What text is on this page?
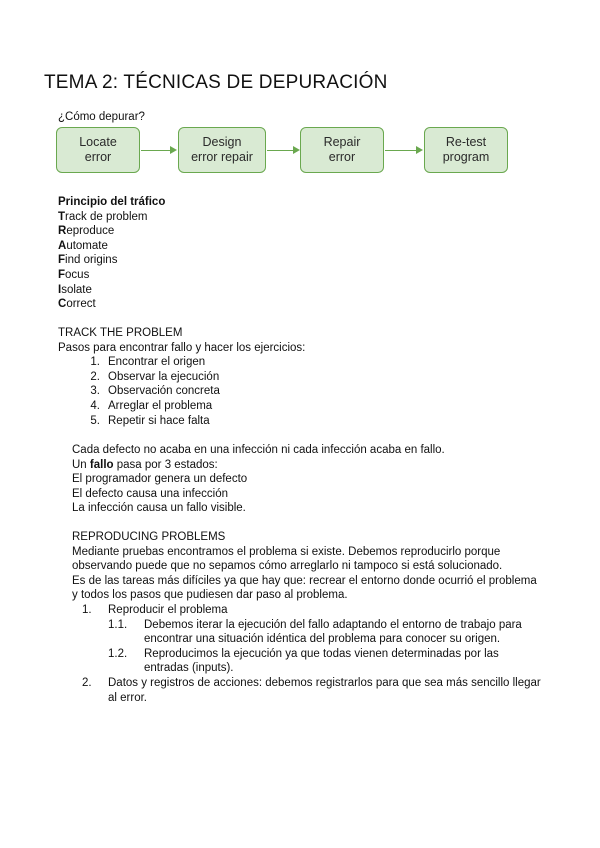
TEMA 2: TÉCNICAS DE DEPURACIÓN
¿Cómo depurar?
Locate
error
Design
error repair
Repair
error
Re-test
program
Principio del tráfico
Track de problem
Reproduce
Automate
Find origins
Focus
Isolate
Correct
TRACK THE PROBLEM
Pasos para encontrar fallo y hacer los ejercicios:
1. Encontrar el origen
2. Observar la ejecución
3. Observación concreta
4. Arreglar el problema
5. Repetir si hace falta
Cada defecto no acaba en una infección ni cada infección acaba en fallo.
Un fallo pasa por 3 estados:
El programador genera un defecto
El defecto causa una infección
La infección causa un fallo visible.
REPRODUCING PROBLEMS
Mediante pruebas encontramos el problema si existe. Debemos reproducirlo porque
observando puede que no sepamos cómo arreglarlo ni tampoco si está solucionado.
Es de las tareas más difíciles ya que hay que: recrear el entorno donde ocurrió el problema
y todos los pasos que pudiesen dar paso al problema.
1. Reproducir el problema
1.1. Debemos iterar la ejecución del fallo adaptando el entorno de trabajo para
encontrar una situación idéntica del problema para conocer su origen.
1.2. Reproducimos la ejecución ya que todas vienen determinadas por las
entradas (inputs).
2. Datos y registros de acciones: debemos registrarlos para que sea más sencillo llegar
al error.
